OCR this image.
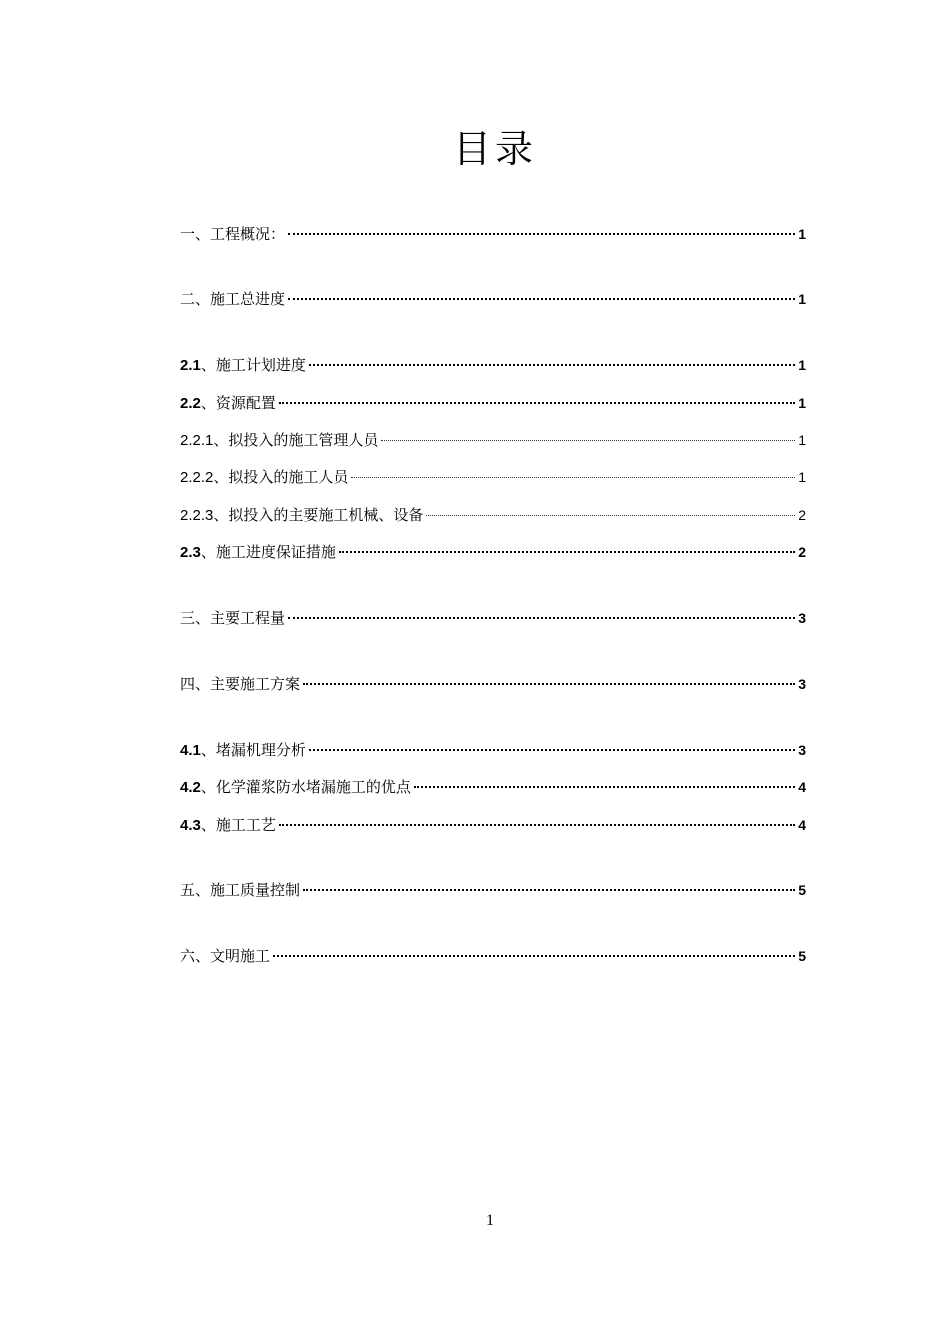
目录
一、工程概况：	1
二、施工总进度	1
2.1、施工计划进度	1
2.2、资源配置	1
2.2.1、拟投入的施工管理人员	1
2.2.2、拟投入的施工人员	1
2.2.3、拟投入的主要施工机械、设备	2
2.3、施工进度保证措施	2
三、主要工程量	3
四、主要施工方案	3
4.1、堵漏机理分析	3
4.2、化学灌浆防水堵漏施工的优点	4
4.3、施工工艺	4
五、施工质量控制	5
六、文明施工	5
1
